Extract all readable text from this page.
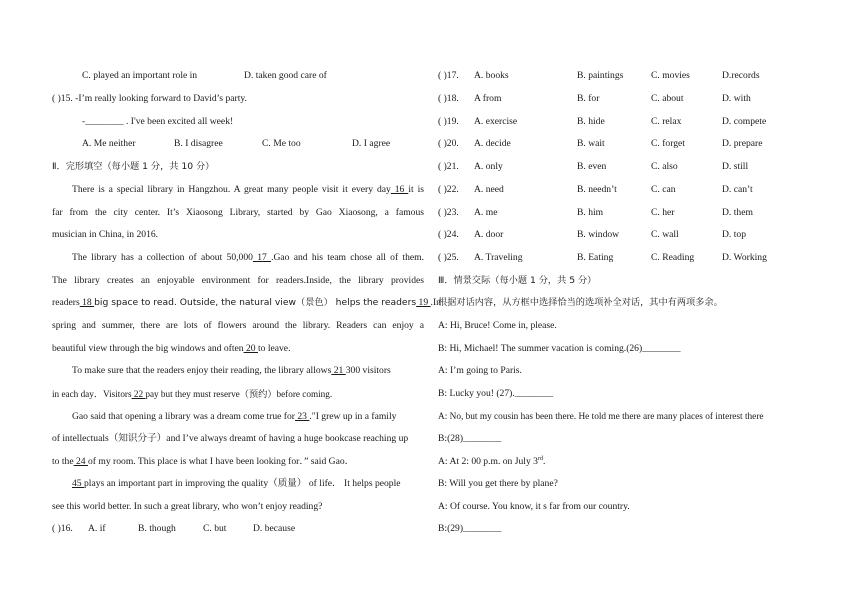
C. played an important role in	D. taken good care of
( )15. -I’m really looking forward to David’s party.
-________ . I've been excited all week!
A. Me neither	B. I disagree	C. Me too	D. I agree
Ⅱ．完形填空（每小题 1 分，共 10 分）
There is a special library in Hangzhou. A great many people visit it every day 16 it is
far from the city center. It’s Xiaosong Library, started by Gao Xiaosong, a famous
musician in China, in 2016.
The library has a collection of about 50,000 17 .Gao and his team chose all of them.
The library creates an enjoyable environment for readers.Inside, the library provides
readers 18 big space to read. Outside, the natural view（景色） helps the readers 19 .In
spring and summer, there are lots of flowers around the library. Readers can enjoy a
beautiful view through the big windows and often 20 to leave.
To make sure that the readers enjoy their reading, the library allows 21 300 visitors
in each day．Visitors 22 pay but they must reserve（预约）before coming.
Gao said that opening a library was a dream come true for 23 ."I grew up in a family
of intellectuals（知识分子）and I’ve always dreamt of having a huge bookcase reaching up
to the 24 of my room. This place is what I have been looking for．” said Gao．
45 plays an important part in improving the quality（质量） of life． It helps people
see this world better. In such a great library, who won’t enjoy reading?
( )16. A. if	B. though	C. but	D. because
( )17. A. books	B. paintings	C. movies	D.records
( )18. A from	B. for	C. about	D. with
( )19. A. exercise	B. hide	C. relax	D. compete
( )20. A. decide	B. wait	C. forget	D. prepare
( )21. A. only	B. even	C. also	D. still
( )22. A. need	B. needn’t	C. can	D. can’t
( )23. A. me	B. him	C. her	D. them
( )24. A. door	B. window	C. wall	D. top
( )25. A. Traveling	B. Eating	C. Reading	D. Working
Ⅲ．情景交际（每小题 1 分，共 5 分）
根据对话内容，从方框中选择恰当的选项补全对话，其中有两项多余。
A: Hi, Bruce! Come in, please.
B: Hi, Michael! The summer vacation is coming.(26)________
A: I’m going to Paris.
B: Lucky you! (27).________
A: No, but my cousin has been there. He told me there are many places of interest there
B:(28)________
A: At 2: 00 p.m. on July 3rd.
B: Will you get there by plane?
A: Of course. You know, it s far from our country.
B:(29)________
